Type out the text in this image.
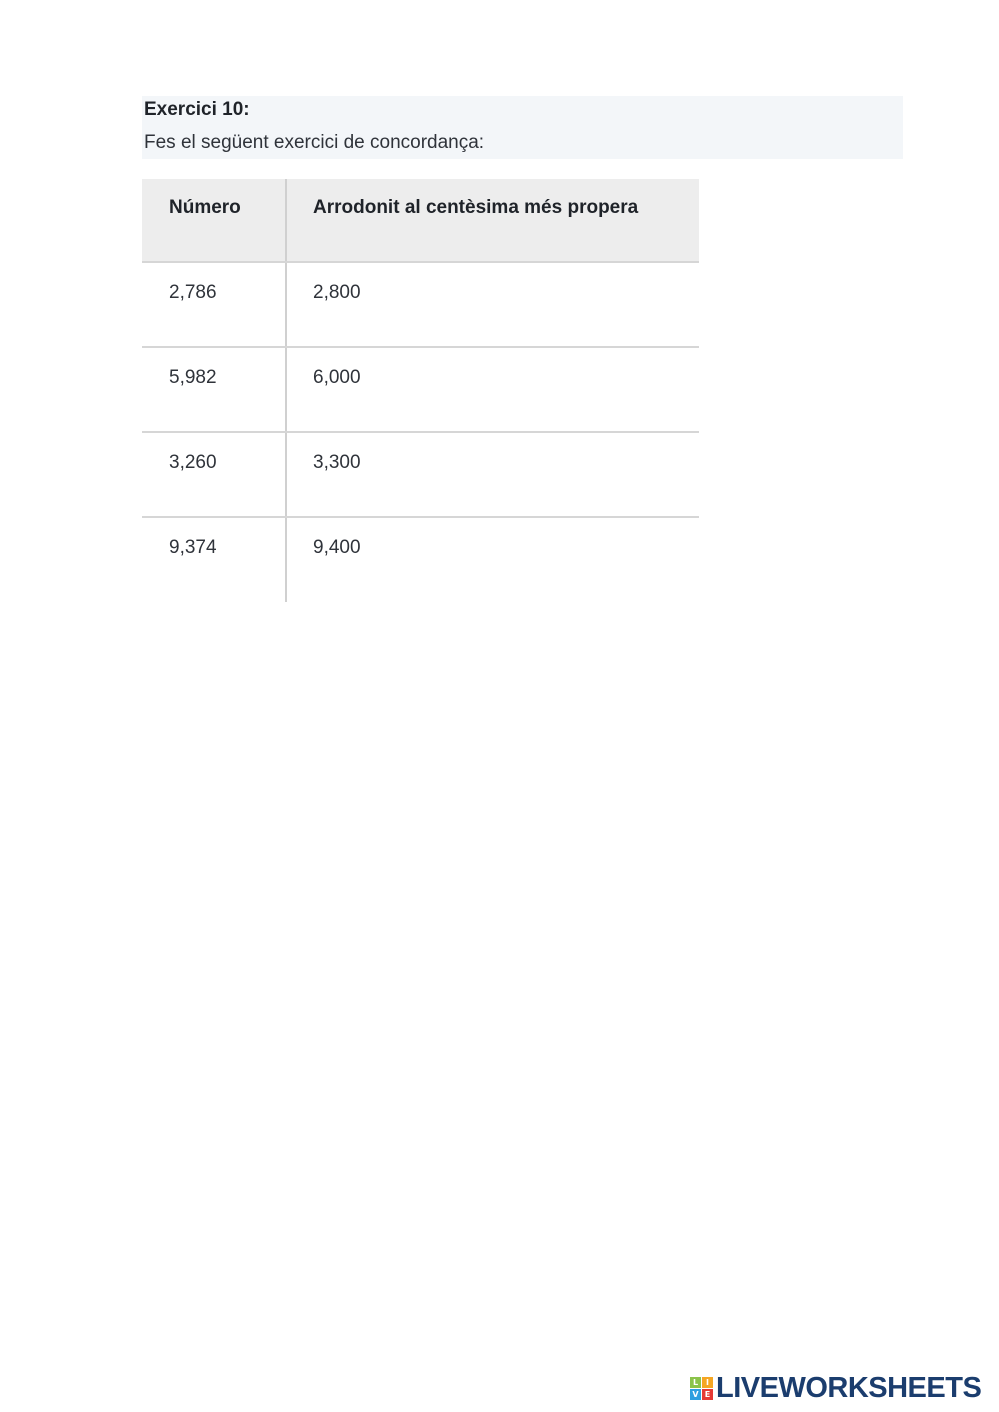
Exercici 10:
Fes el següent exercici de concordança:
Número	Arrodonit al centèsima més propera
2,786	2,800
5,982	6,000
3,260	3,300
9,374	9,400
L I
V E LIVEWORKSHEETS
